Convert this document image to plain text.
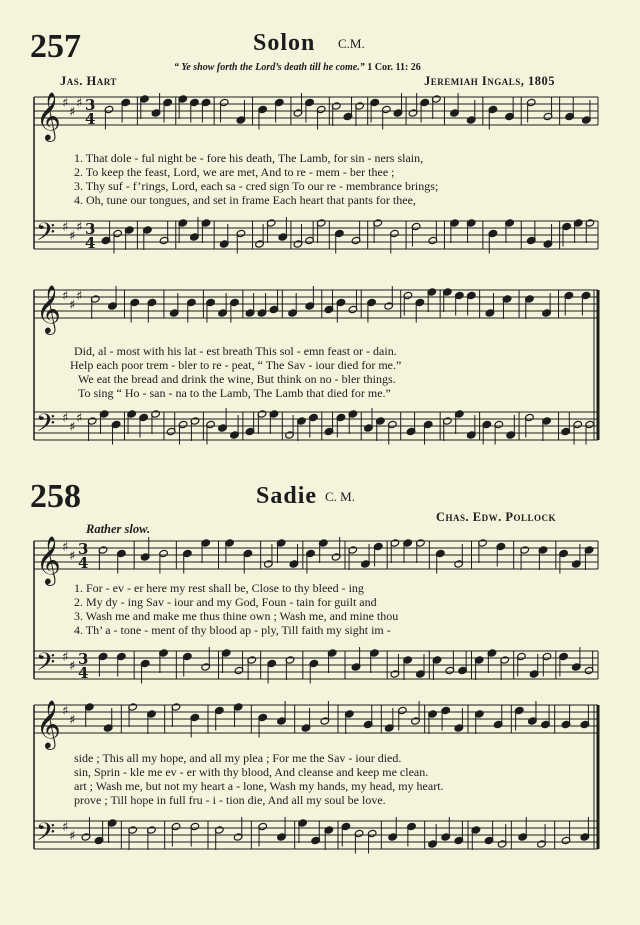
257	Solon C.M.
“ Ye show forth the Lord’s death till he come.” 1 Cor. 11: 26
Jas. Hart	Jeremiah Ingals, 1805
1. That dole - ful night be - fore his death, The Lamb, for sin - ners slain,
2. To keep the feast, Lord, we are met, And to re - mem - ber thee ;
3. Thy suf - f’rings, Lord, each sa - cred sign To our re - membrance brings;
4. Oh, tune our tongues, and set in frame Each heart that pants for thee,
Did, al - most with his lat - est breath This sol - emn feast or - dain.
Help each poor trem - bler to re - peat, “ The Sav - iour died for me.”
We eat the bread and drink the wine, But think on no - bler things.
To sing “ Ho - san - na to the Lamb, The Lamb that died for me.”
258	Sadie C. M.
Chas. Edw. Pollock
Rather slow.
1. For - ev - er here my rest shall be, Close to thy bleed - ing
2. My dy - ing Sav - iour and my God, Foun - tain for guilt and
3. Wash me and make me thus thine own ; Wash me, and mine thou
4. Th’ a - tone - ment of thy blood ap - ply, Till faith my sight im -
side ; This all my hope, and all my plea ; For me the Sav - iour died.
sin, Sprin - kle me ev - er with thy blood, And cleanse and keep me clean.
art ; Wash me, but not my heart a - lone, Wash my hands, my head, my heart.
prove ; Till hope in full fru - i - tion die, And all my soul be love.
𝄞 ♯
♯
♯ 3
4
𝄢 ♯
♯
♯ 3
4
𝄞 ♯
♯
♯
𝄢 ♯
♯
♯
𝄞 ♯
♯ 3
4
𝄢 ♯
♯ 3
4
𝄞 ♯
♯
𝄢 ♯
♯
